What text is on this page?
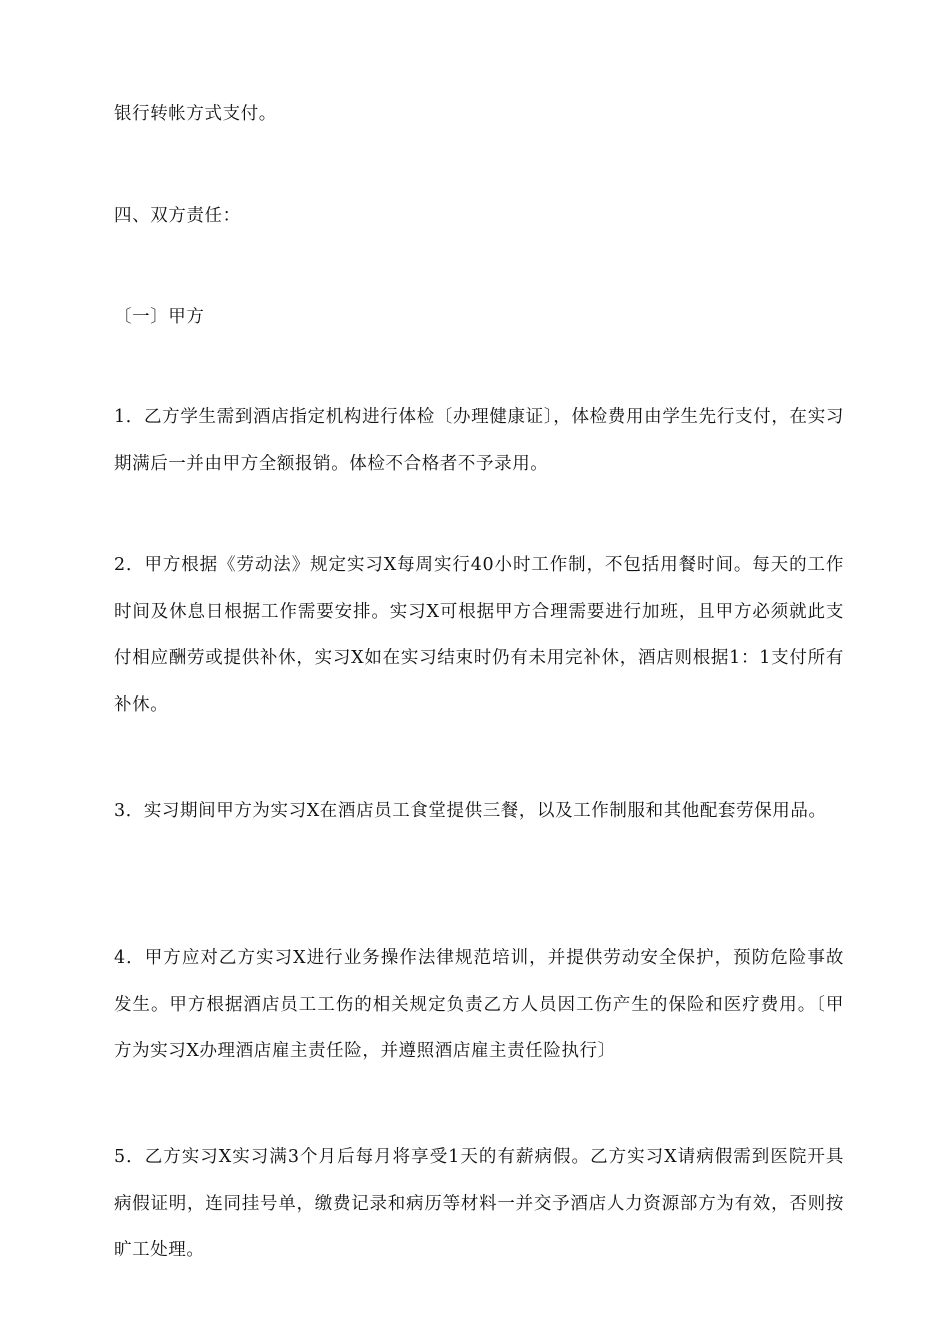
银行转帐方式支付。

四、双方责任：

〔一〕甲方

1．乙方学生需到酒店指定机构进行体检〔办理健康证〕，体检费用由学生先行支付，在实习期满后一并由甲方全额报销。体检不合格者不予录用。

2．甲方根据《劳动法》规定实习X每周实行40小时工作制，不包括用餐时间。每天的工作时间及休息日根据工作需要安排。实习X可根据甲方合理需要进行加班，且甲方必须就此支付相应酬劳或提供补休，实习X如在实习结束时仍有未用完补休，酒店则根据1：1支付所有补休。

3．实习期间甲方为实习X在酒店员工食堂提供三餐，以及工作制服和其他配套劳保用品。

4．甲方应对乙方实习X进行业务操作法律规范培训，并提供劳动安全保护，预防危险事故发生。甲方根据酒店员工工伤的相关规定负责乙方人员因工伤产生的保险和医疗费用。〔甲方为实习X办理酒店雇主责任险，并遵照酒店雇主责任险执行〕

5．乙方实习X实习满3个月后每月将享受1天的有薪病假。乙方实习X请病假需到医院开具病假证明，连同挂号单，缴费记录和病历等材料一并交予酒店人力资源部方为有效，否则按旷工处理。
